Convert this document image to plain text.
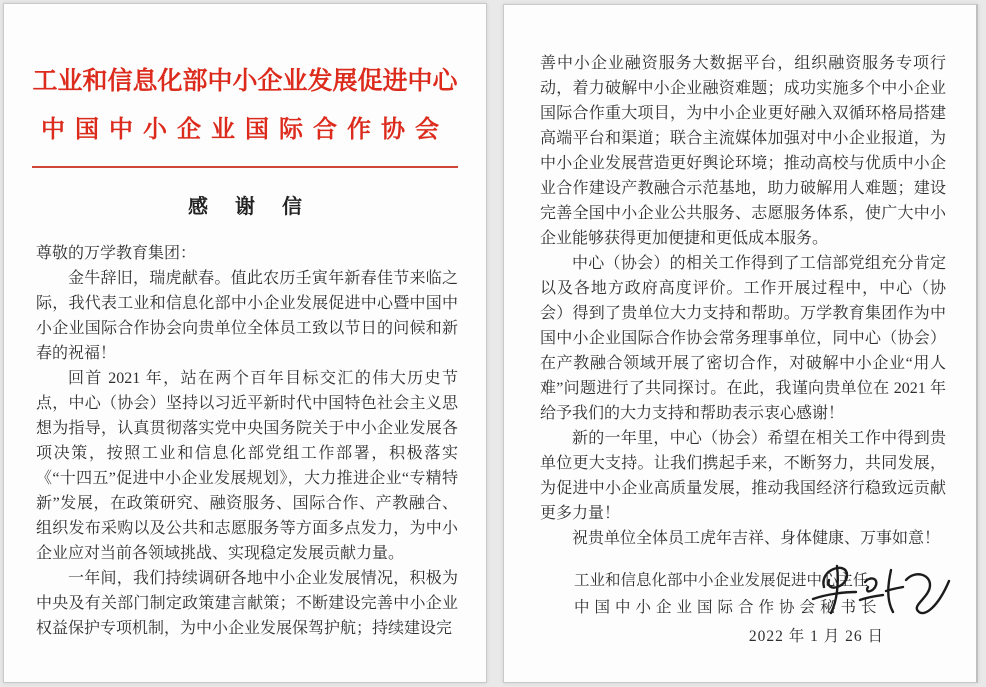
工业和信息化部中小企业发展促进中心
中国中小企业国际合作协会
感 谢 信

尊敬的万学教育集团：

金牛辞旧，瑞虎献春。值此农历壬寅年新春佳节来临之际，我代表工业和信息化部中小企业发展促进中心暨中国中小企业国际合作协会向贵单位全体员工致以节日的问候和新春的祝福！

回首 2021 年，站在两个百年目标交汇的伟大历史节点，中心（协会）坚持以习近平新时代中国特色社会主义思想为指导，认真贯彻落实党中央国务院关于中小企业发展各项决策，按照工业和信息化部党组工作部署，积极落实《“十四五”促进中小企业发展规划》，大力推进企业“专精特新”发展，在政策研究、融资服务、国际合作、产教融合、组织发布采购以及公共和志愿服务等方面多点发力，为中小企业应对当前各领域挑战、实现稳定发展贡献力量。

一年间，我们持续调研各地中小企业发展情况，积极为中央及有关部门制定政策建言献策；不断建设完善中小企业权益保护专项机制，为中小企业发展保驾护航；持续建设完

善中小企业融资服务大数据平台，组织融资服务专项行动，着力破解中小企业融资难题；成功实施多个中小企业国际合作重大项目，为中小企业更好融入双循环格局搭建高端平台和渠道；联合主流媒体加强对中小企业报道，为中小企业发展营造更好舆论环境；推动高校与优质中小企业合作建设产教融合示范基地，助力破解用人难题；建设完善全国中小企业公共服务、志愿服务体系，使广大中小企业能够获得更加便捷和更低成本服务。

中心（协会）的相关工作得到了工信部党组充分肯定以及各地方政府高度评价。工作开展过程中，中心（协会）得到了贵单位大力支持和帮助。万学教育集团作为中国中小企业国际合作协会常务理事单位，同中心（协会）在产教融合领域开展了密切合作，对破解中小企业“用人难”问题进行了共同探讨。在此，我谨向贵单位在 2021 年给予我们的大力支持和帮助表示衷心感谢！

新的一年里，中心（协会）希望在相关工作中得到贵单位更大支持。让我们携起手来，不断努力，共同发展，为促进中小企业高质量发展，推动我国经济行稳致远贡献更多力量！

祝贵单位全体员工虎年吉祥、身体健康、万事如意！

工业和信息化部中小企业发展促进中心主任
中国中小企业国际合作协会秘书长
2022 年 1 月 26 日
